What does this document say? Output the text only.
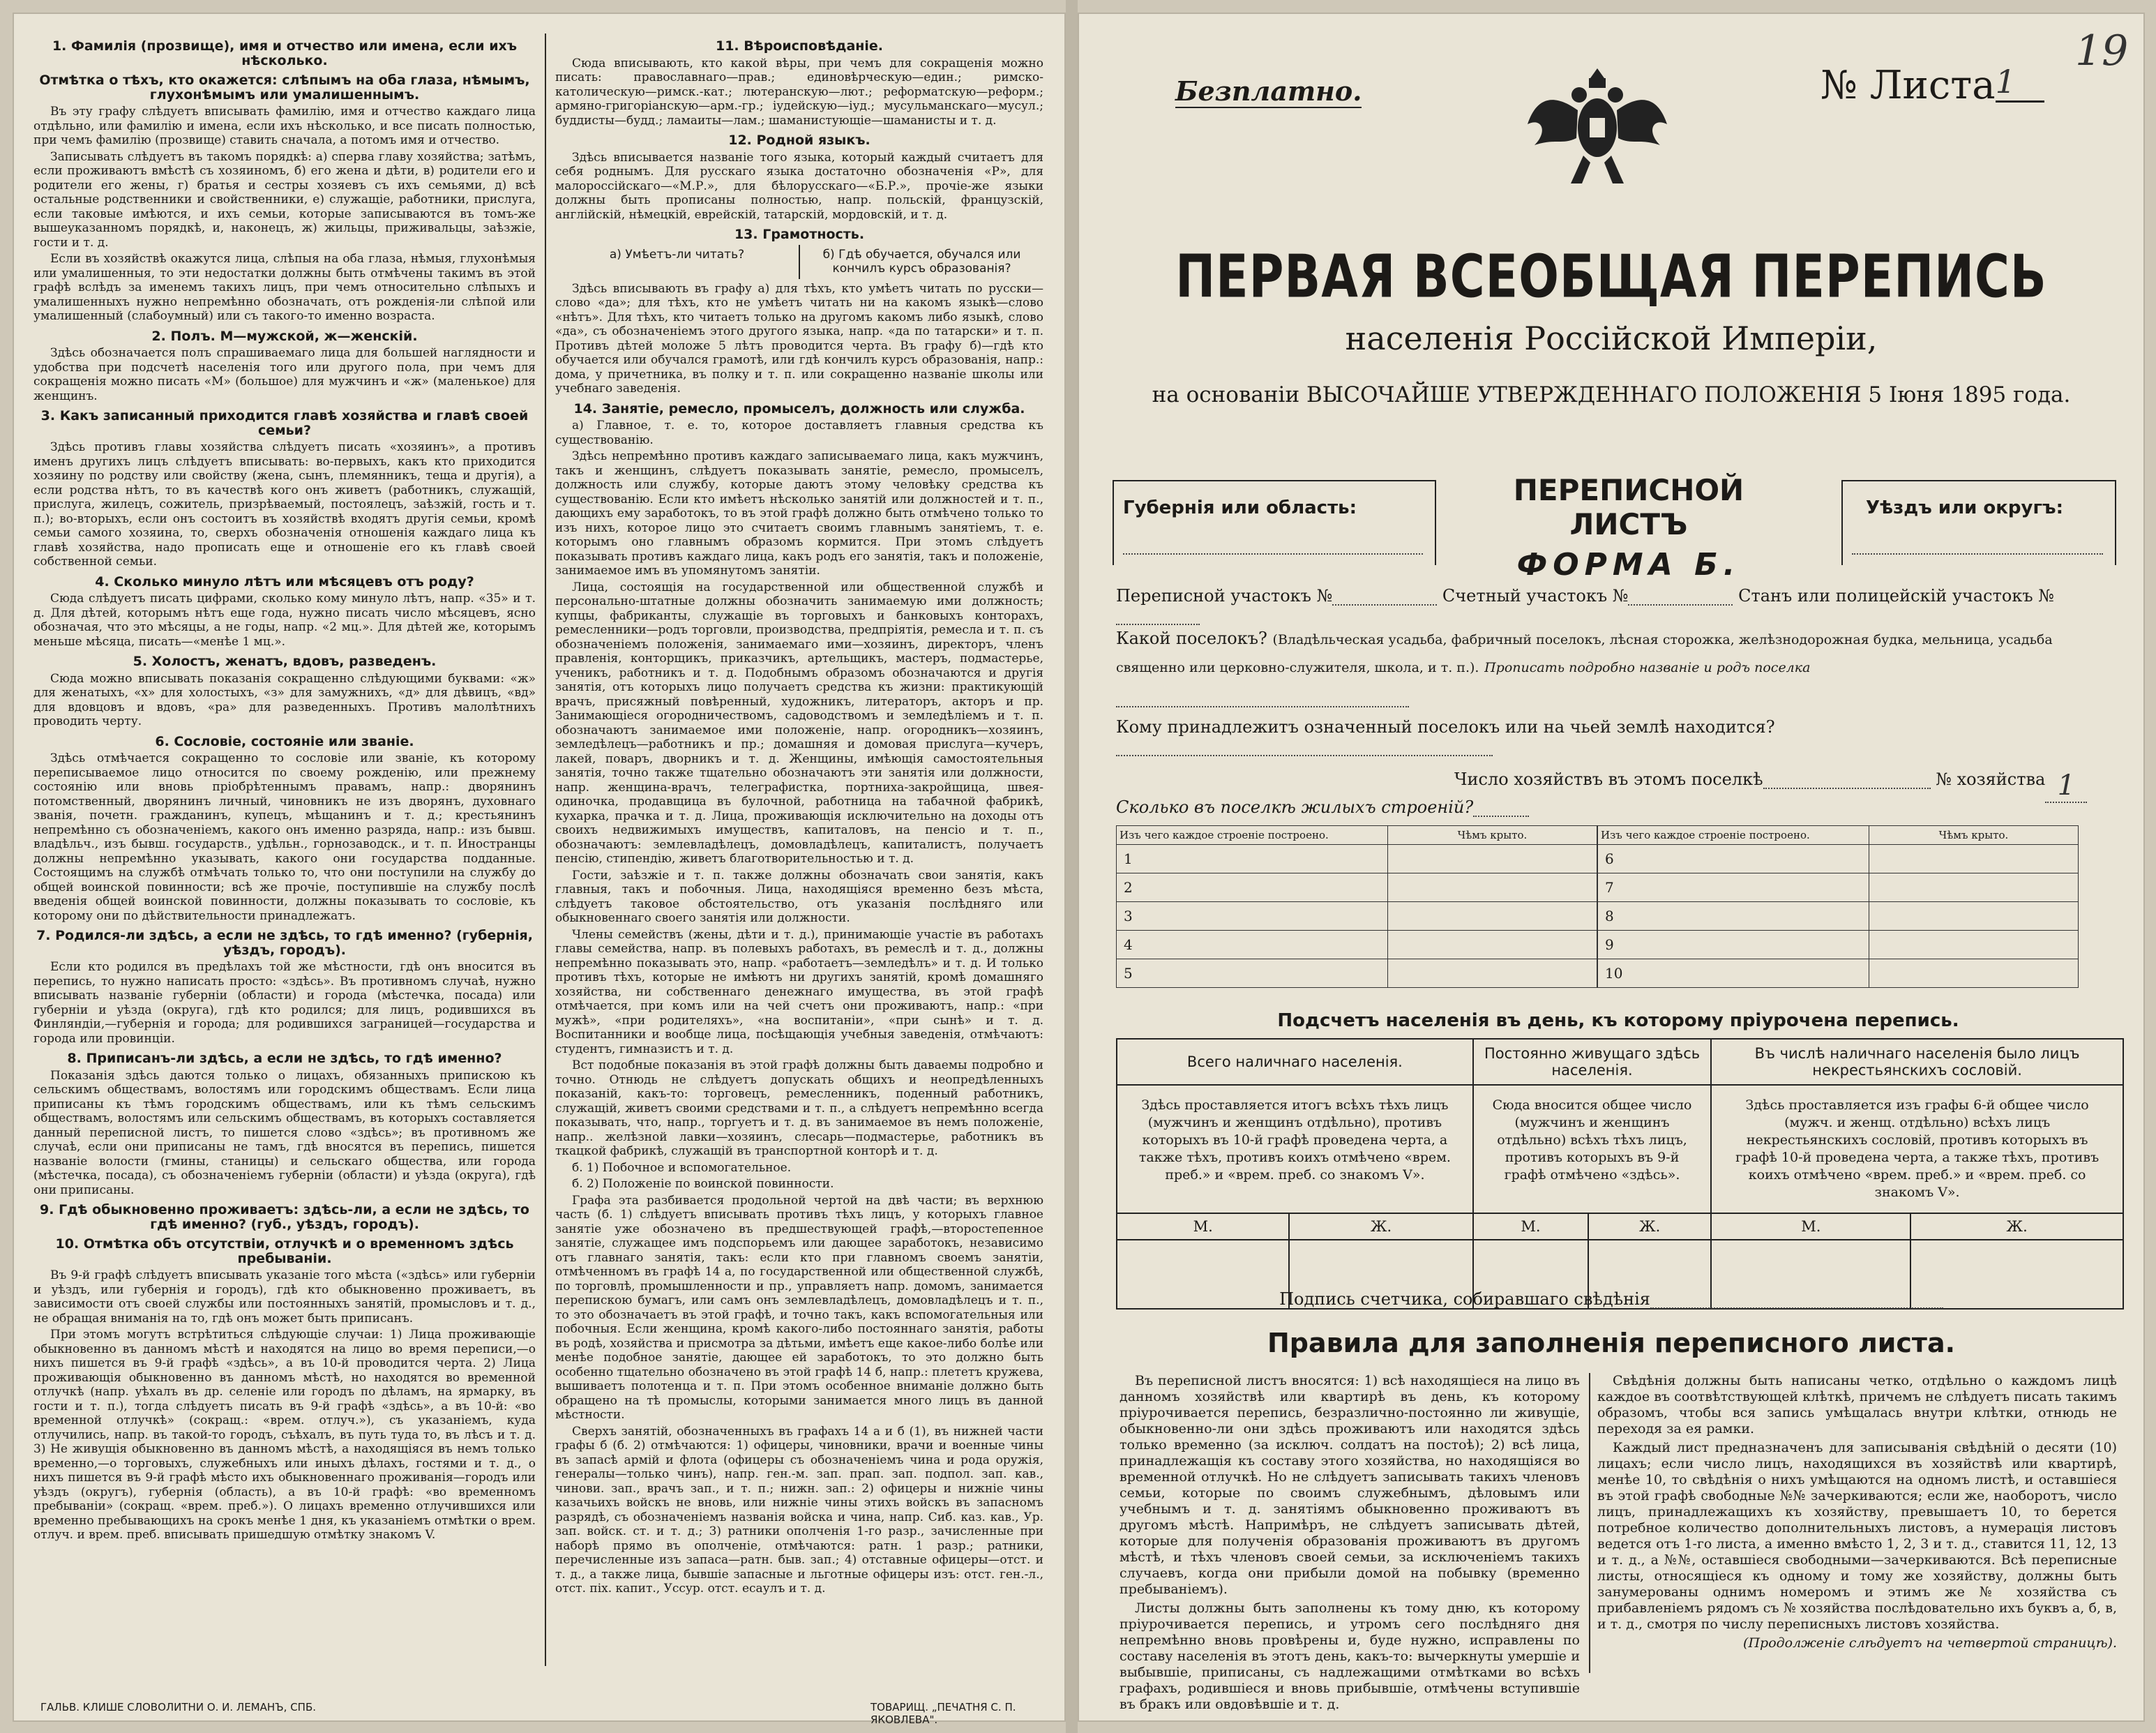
1. Фамилія (прозвище), имя и отчество или имена, если ихъ нѣсколько.
Отмѣтка о тѣхъ, кто окажется: слѣпымъ на оба глаза, нѣмымъ, глухонѣмымъ или умалишеннымъ.

Въ эту графу слѣдуетъ вписывать фамилію, имя и отчество каждаго лица отдѣльно, или фамилію и имена, если ихъ нѣсколько, и все писать полностью, при чемъ фамилію (прозвище) ставить сначала, а потомъ имя и отчество.

Записывать слѣдуетъ въ такомъ порядкѣ: а) сперва главу хозяйства; затѣмъ, если проживаютъ вмѣстѣ съ хозяиномъ, б) его жена и дѣти, в) родители его и родители его жены, г) братья и сестры хозяевъ съ ихъ семьями, д) всѣ остальные родственники и свойственники, е) служащіе, работники, прислуга, если таковые имѣются, и ихъ семьи, которые записываются въ томъ-же вышеуказанномъ порядкѣ, и, наконецъ, ж) жильцы, приживальцы, заѣзжіе, гости и т. д.

Если въ хозяйствѣ окажутся лица, слѣпыя на оба глаза, нѣмыя, глухонѣмыя или умалишенныя, то эти недостатки должны быть отмѣчены такимъ въ этой графѣ вслѣдъ за именемъ такихъ лицъ, при чемъ относительно слѣпыхъ и умалишенныхъ нужно непремѣнно обозначать, отъ рожденія-ли слѣпой или умалишенный (слабоумный) или съ такого-то именно возраста.

2. Полъ. М—мужской, ж—женскій.

Здѣсь обозначается полъ спрашиваемаго лица для большей наглядности и удобства при подсчетѣ населенія того или другого пола, при чемъ для сокращенія можно писать «М» (большое) для мужчинъ и «ж» (маленькое) для женщинъ.

3. Какъ записанный приходится главѣ хозяйства и главѣ своей семьи?

Здѣсь противъ главы хозяйства слѣдуетъ писать «хозяинъ», а противъ именъ другихъ лицъ слѣдуетъ вписывать: во-первыхъ, какъ кто приходится хозяину по родству или свойству (жена, сынъ, племянникъ, теща и другія), а если родства нѣтъ, то въ качествѣ кого онъ живетъ (работникъ, служащій, прислуга, жилецъ, сожитель, призрѣваемый, постоялецъ, заѣзжій, гость и т. п.); во-вторыхъ, если онъ состоитъ въ хозяйствѣ входятъ другія семьи, кромѣ семьи самого хозяина, то, сверхъ обозначенія отношенія каждаго лица къ главѣ хозяйства, надо прописать еще и отношеніе его къ главѣ своей собственной семьи.

4. Сколько минуло лѣтъ или мѣсяцевъ отъ роду?

Сюда слѣдуетъ писать цифрами, сколько кому минуло лѣтъ, напр. «35» и т. д. Для дѣтей, которымъ нѣтъ еще года, нужно писать число мѣсяцевъ, ясно обозначая, что это мѣсяцы, а не годы, напр. «2 мц.». Для дѣтей же, которымъ меньше мѣсяца, писать—«менѣе 1 мц.».

5. Холостъ, женатъ, вдовъ, разведенъ.

Сюда можно вписывать показанія сокращенно слѣдующими буквами: «ж» для женатыхъ, «х» для холостыхъ, «з» для замужнихъ, «д» для дѣвицъ, «вд» для вдовцовъ и вдовъ, «ра» для разведенныхъ. Противъ малолѣтнихъ проводить черту.

6. Сословіе, состояніе или званіе.

Здѣсь отмѣчается сокращенно то сословіе или званіе, къ которому переписываемое лицо относится по своему рожденію, или прежнему состоянію или вновь пріобрѣтеннымъ правамъ, напр.: дворянинъ потомственный, дворянинъ личный, чиновникъ не изъ дворянъ, духовнаго званія, почетн. гражданинъ, купецъ, мѣщанинъ и т. д.; крестьянинъ непремѣнно съ обозначеніемъ, какого онъ именно разряда, напр.: изъ бывш. владѣльч., изъ бывш. государств., удѣльн., горнозаводск., и т. п. Иностранцы должны непремѣнно указывать, какого они государства подданные. Состоящимъ на службѣ отмѣчать только то, что они поступили на службу до общей воинской повинности; всѣ же прочіе, поступившіе на службу послѣ введенія общей воинской повинности, должны показывать то сословіе, къ которому они по дѣйствительности принадлежатъ.

7. Родился-ли здѣсь, а если не здѣсь, то гдѣ именно? (губернія, уѣздъ, городъ).

Если кто родился въ предѣлахъ той же мѣстности, гдѣ онъ вносится въ перепись, то нужно написать просто: «здѣсь». Въ противномъ случаѣ, нужно вписывать названіе губерніи (области) и города (мѣстечка, посада) или губерніи и уѣзда (округа), гдѣ кто родился; для лицъ, родившихся въ Финляндіи,—губернія и города; для родившихся заграницей—государства и города или провинціи.

8. Приписанъ-ли здѣсь, а если не здѣсь, то гдѣ именно?

Показанія здѣсь даются только о лицахъ, обязанныхъ припискою къ сельскимъ обществамъ, волостямъ или городскимъ обществамъ. Если лица приписаны къ тѣмъ городскимъ обществамъ, или къ тѣмъ сельскимъ обществамъ, волостямъ или сельскимъ обществамъ, въ которыхъ составляется данный переписной листъ, то пишется слово «здѣсь»; въ противномъ же случаѣ, если они приписаны не тамъ, гдѣ вносятся въ перепись, пишется названіе волости (гмины, станицы) и сельскаго общества, или города (мѣстечка, посада), съ обозначеніемъ губерніи (области) и уѣзда (округа), гдѣ они приписаны.

9. Гдѣ обыкновенно проживаетъ: здѣсь-ли, а если не здѣсь, то гдѣ именно? (губ., уѣздъ, городъ).
10. Отмѣтка объ отсутствіи, отлучкѣ и о временномъ здѣсь пребываніи.

Въ 9-й графѣ слѣдуетъ вписывать указаніе того мѣста («здѣсь» или губерніи и уѣздъ, или губернія и городъ), гдѣ кто обыкновенно проживаетъ, въ зависимости отъ своей службы или постоянныхъ занятій, промысловъ и т. д., не обращая вниманія на то, гдѣ онъ может быть приписанъ.

При этомъ могутъ встрѣтиться слѣдующіе случаи: 1) Лица проживающіе обыкновенно въ данномъ мѣстѣ и находятся на лицо во время переписи,—о нихъ пишется въ 9-й графѣ «здѣсь», а въ 10-й проводится черта. 2) Лица проживающія обыкновенно въ данномъ мѣстѣ, но находятся во временной отлучкѣ (напр. уѣхалъ въ др. селеніе или городъ по дѣламъ, на ярмарку, въ гости и т. п.), тогда слѣдуетъ писать въ 9-й графѣ «здѣсь», а въ 10-й: «во временной отлучкѣ» (сокращ.: «врем. отлуч.»), съ указаніемъ, куда отлучились, напр. въ такой-то городъ, съѣхалъ, въ путь туда то, въ лѣсъ и т. д. 3) Не живущія обыкновенно въ данномъ мѣстѣ, а находящіяся въ немъ только временно,—о торговыхъ, служебныхъ или иныхъ дѣлахъ, гостями и т. д., о нихъ пишется въ 9-й графѣ мѣсто ихъ обыкновеннаго проживанія—городъ или уѣздъ (округъ), губернія (область), а въ 10-й графѣ: «во временномъ пребываніи» (сокращ. «врем. преб.»). О лицахъ временно отлучившихся или временно пребывающихъ на срокъ менѣе 1 дня, къ указаніемъ отмѣтки о врем. отлуч. и врем. преб. вписывать пришедшую отмѣтку знакомъ V.

11. Вѣроисповѣданіе.

Сюда вписывають, кто какой вѣры, при чемъ для сокращенія можно писать: православнаго—прав.; единовѣрческую—един.; римско-католическую—римск.-кат.; лютеранскую—лют.; реформатскую—реформ.; армяно-григоріанскую—арм.-гр.; іудейскую—іуд.; мусульманскаго—мусул.; буддисты—будд.; ламаиты—лам.; шаманистующіе—шаманисты и т. д.

12. Родной языкъ.

Здѣсь вписывается названіе того языка, который каждый считаетъ для себя роднымъ. Для русскаго языка достаточно обозначенія «Р», для малороссійскаго—«М.Р.», для бѣлорусскаго—«Б.Р.», прочіе-же языки должны быть прописаны полностью, напр. польскій, французскій, англійскій, нѣмецкій, еврейскій, татарскій, мордовскій, и т. д.

13. Грамотность.
а) Умѣетъ-ли читать?	б) Гдѣ обучается, обучался или кончилъ курсъ образованія?

Здѣсь вписывають въ графу а) для тѣхъ, кто умѣетъ читать по русски—слово «да»; для тѣхъ, кто не умѣетъ читать ни на какомъ языкѣ—слово «нѣтъ». Для тѣхъ, кто читаетъ только на другомъ какомъ либо языкѣ, слово «да», съ обозначеніемъ этого другого языка, напр. «да по татарски» и т. п. Противъ дѣтей моложе 5 лѣтъ проводится черта. Въ графу б)—гдѣ кто обучается или обучался грамотѣ, или гдѣ кончилъ курсъ образованія, напр.: дома, у причетника, въ полку и т. п. или сокращенно названіе школы или учебнаго заведенія.

14. Занятіе, ремесло, промыселъ, должность или служба.

а) Главное, т. е. то, которое доставляетъ главныя средства къ существованію.

Здѣсь непремѣнно противъ каждаго записываемаго лица, какъ мужчинъ, такъ и женщинъ, слѣдуетъ показывать занятіе, ремесло, промыселъ, должность или службу, которые даютъ этому человѣку средства къ существованію. Если кто имѣетъ нѣсколько занятій или должностей и т. п., дающихъ ему заработокъ, то въ этой графѣ должно быть отмѣчено только то изъ нихъ, которое лицо это считаетъ своимъ главнымъ занятіемъ, т. е. которымъ оно главнымъ образомъ кормится. При этомъ слѣдуетъ показывать противъ каждаго лица, какъ родъ его занятія, такъ и положеніе, занимаемое имъ въ упомянутомъ занятіи.

Лица, состоящія на государственной или общественной службѣ и персонально-штатные должны обозначить занимаемую ими должность; купцы, фабриканты, служащіе въ торговыхъ и банковыхъ конторахъ, ремесленники—родъ торговли, производства, предпріятія, ремесла и т. п. съ обозначеніемъ положенія, занимаемаго ими—хозяинъ, директоръ, членъ правленія, конторщикъ, приказчикъ, артельщикъ, мастеръ, подмастерье, ученикъ, работникъ и т. д. Подобнымъ образомъ обозначаются и другія занятія, отъ которыхъ лицо получаетъ средства къ жизни: практикующій врачъ, присяжный повѣренный, художникъ, литераторъ, акторъ и пр. Занимающіеся огородничествомъ, садоводствомъ и земледѣліемъ и т. п. обозначаютъ занимаемое ими положеніе, напр. огородникъ—хозяинъ, земледѣлецъ—работникъ и пр.; домашняя и домовая прислуга—кучеръ, лакей, поваръ, дворникъ и т. д. Женщины, имѣющія самостоятельныя занятія, точно также тщательно обозначаютъ эти занятія или должности, напр. женщина-врачъ, телеграфистка, портниха-закройщица, швея-одиночка, продавщица въ булочной, работница на табачной фабрикѣ, кухарка, прачка и т. д. Лица, проживающія исключительно на доходы отъ своихъ недвижимыхъ имуществъ, капиталовъ, на пенсіо и т. п., обозначаютъ: землевладѣлецъ, домовладѣлецъ, капиталистъ, получаетъ пенсію, стипендію, живетъ благотворительностью и т. д.

Гости, заѣзжіе и т. п. также должны обозначать свои занятія, какъ главныя, такъ и побочныя. Лица, находящіяся временно безъ мѣста, слѣдуетъ таковое обстоятельство, отъ указанія послѣдняго или обыкновеннаго своего занятія или должности.

Члены семействъ (жены, дѣти и т. д.), принимающіе участіе въ работахъ главы семейства, напр. въ полевыхъ работахъ, въ ремеслѣ и т. д., должны непремѣнно показывать это, напр. «работаетъ—земледѣлъ» и т. д. И только противъ тѣхъ, которые не имѣютъ ни другихъ занятій, кромѣ домашняго хозяйства, ни собственнаго денежнаго имущества, въ этой графѣ отмѣчается, при комъ или на чей счетъ они проживаютъ, напр.: «при мужѣ», «при родителяхъ», «на воспитаніи», «при сынѣ» и т. д. Воспитанники и вообще лица, посѣщающія учебныя заведенія, отмѣчаютъ: студентъ, гимназистъ и т. д.

Вст подобные показанія въ этой графѣ должны быть даваемы подробно и точно. Отнюдь не слѣдуетъ допускать общихъ и неопредѣленныхъ показаній, какъ-то: торговецъ, ремесленникъ, поденный работникъ, служащій, живетъ своими средствами и т. п., а слѣдуетъ непремѣнно всегда показывать, что, напр., торгуетъ и т. д. въ занимаемое въ немъ положеніе, напр.. желѣзной лавки—хозяинъ, слесарь—подмастерье, работникъ въ ткацкой фабрикѣ, служащій въ транспортной конторѣ и т. д.

б. 1) Побочное и вспомогательное.

б. 2) Положеніе по воинской повинности.

Графа эта разбивается продольной чертой на двѣ части; въ верхнюю часть (б. 1) слѣдуетъ вписывать противъ тѣхъ лицъ, у которыхъ главное занятіе уже обозначено въ предшествующей графѣ,—второстепенное занятіе, служащее имъ подспорьемъ или дающее заработокъ, независимо отъ главнаго занятія, такъ: если кто при главномъ своемъ занятіи, отмѣченномъ въ графѣ 14 а, по государственной или общественной службѣ, по торговлѣ, промышленности и пр., управляетъ напр. домомъ, занимается перепискою бумагъ, или самъ онъ землевладѣлецъ, домовладѣлецъ и т. п., то это обозначаетъ въ этой графѣ, и точно такъ, какъ вспомогательныя или побочныя. Если женщина, кромѣ какого-либо постояннаго занятія, работы въ родѣ, хозяйства и присмотра за дѣтьми, имѣетъ еще какое-либо болѣе или менѣе подобное занятіе, дающее ей заработокъ, то это должно быть особенно тщательно обозначено въ этой графѣ 14 б, напр.: плететъ кружева, вышиваетъ полотенца и т. п. При этомъ особенное вниманіе должно быть обращено на тѣ промыслы, которыми занимается много лицъ въ данной мѣстности.

Сверхъ занятій, обозначенныхъ въ графахъ 14 а и б (1), въ нижней части графы б (б. 2) отмѣчаются: 1) офицеры, чиновники, врачи и военные чины въ запасѣ армій и флота (офицеры съ обозначеніемъ чина и рода оружія, генералы—только чинъ), напр. ген.-м. зап. прап. зап. подпол. зап. кав., чинови. зап., врачъ зап., и т. п.; нижн. зап.: 2) офицеры и нижніе чины казачьихъ войскъ не вновь, или нижніе чины этихъ войскъ въ запасномъ разрядѣ, съ обозначеніемъ названія войска и чина, напр. Сиб. каз. кав., Ур. зап. войск. ст. и т. д.; 3) ратники ополченія 1-го разр., зачисленные при наборѣ прямо въ ополченіе, отмѣчаются: ратн. 1 разр.; ратники, перечисленные изъ запаса—ратн. быв. зап.; 4) отставные офицеры—отст. и т. д., а также лица, бывшіе запасные и льготные офицеры изъ: отст. ген.-л., отст. піх. капит., Уссур. отст. есаулъ и т. д.

ГАЛЬВ. КЛИШЕ СЛОВОЛИТНИ О. И. ЛЕМАНЪ, СПБ.	ТОВАРИЩ. „ПЕЧАТНЯ С. П. ЯКОВЛЕВА".
Безплатно.	№ Листа 1
19
ПЕРВАЯ ВСЕОБЩАЯ ПЕРЕПИСЬ
населенія Россійской Имперіи,
на основаніи ВЫСОЧАЙШЕ УТВЕРЖДЕННАГО ПОЛОЖЕНІЯ 5 Іюня 1895 года.
Губернія или область:	Уѣздъ или округъ:
ПЕРЕПИСНОЙ ЛИСТЪ
ФОРМА Б.
Переписной участокъ №	Счетный участокъ №	Станъ или полицейскій участокъ №
Какой поселокъ? (Владѣльческая усадьба, фабричный поселокъ, лѣсная сторожка, желѣзнодорожная будка, мельница, усадьба священно или церковно-служителя, школа, и т. п.). Прописать подробно названіе и родъ поселка
Кому принадлежитъ означенный поселокъ или на чьей землѣ находится?
Число хозяйствъ въ этомъ поселкѣ	№ хозяйства 1
Сколько въ поселкѣ жилыхъ строеній?
Изъ чего каждое строеніе построено.	Чѣмъ крыто.
1	
2	
3	
4	
5	
Изъ чего каждое строеніе построено.	Чѣмъ крыто.
6	
7	
8	
9	
10	
Подсчетъ населенія въ день, къ которому пріурочена перепись.
Всего наличнаго населенія.		Постоянно живущаго здѣсь населенія.		Въ числѣ наличнаго населенія было лицъ некрестьянскихъ сословій.	
Здѣсь проставляется итогъ всѣхъ тѣхъ лицъ (мужчинъ и женщинъ отдѣльно), противъ которыхъ въ 10-й графѣ проведена черта, а также тѣхъ, противъ коихъ отмѣчено «врем. преб.» и «врем. преб. со знакомъ V».		Сюда вносится общее число (мужчинъ и женщинъ отдѣльно) всѣхъ тѣхъ лицъ, противъ которыхъ въ 9-й графѣ отмѣчено «здѣсь».		Здѣсь проставляется изъ графы 6-й общее число (мужч. и женщ. отдѣльно) всѣхъ лицъ некрестьянскихъ сословій, противъ которыхъ въ графѣ 10-й проведена черта, а также тѣхъ, противъ коихъ отмѣчено «врем. преб.» и «врем. преб. со знакомъ V».	
М.	Ж.	М.	Ж.	М.	Ж.

Подпись счетчика, собиравшаго свѣдѣнія
Правила для заполненія переписного листа.

Въ переписной листъ вносятся: 1) всѣ находящіеся на лицо въ данномъ хозяйствѣ или квартирѣ въ день, къ которому пріурочивается перепись, безразлично-постоянно ли живущіе, обыкновенно-ли они здѣсь проживаютъ или находятся здѣсь только временно (за исключ. солдатъ на постоѣ); 2) всѣ лица, принадлежащія къ составу этого хозяйства, но находящіяся во временной отлучкѣ. Но не слѣдуетъ записывать такихъ членовъ семьи, которые по своимъ служебнымъ, дѣловымъ или учебнымъ и т. д. занятіямъ обыкновенно проживаютъ въ другомъ мѣстѣ. Напримѣръ, не слѣдуетъ записывать дѣтей, которые для полученія образованія проживаютъ въ другомъ мѣстѣ, и тѣхъ членовъ своей семьи, за исключеніемъ такихъ случаевъ, когда они прибыли домой на побывку (временно пребываніемъ).

Листы должны быть заполнены къ тому дню, къ которому пріурочивается перепись, и утромъ сего послѣдняго дня непремѣнно вновь провѣрены и, буде нужно, исправлены по составу населенія въ этотъ день, какъ-то: вычеркнуты умершіе и выбывшіе, приписаны, съ надлежащими отмѣтками во всѣхъ графахъ, родившіеся и вновь прибывшіе, отмѣчены вступившіе въ бракъ или овдовѣвшіе и т. д.

Свѣдѣнія должны быть написаны четко, отдѣльно о каждомъ лицѣ каждое въ соотвѣтствующей клѣткѣ, причемъ не слѣдуетъ писать такимъ образомъ, чтобы вся запись умѣщалась внутри клѣтки, отнюдь не переходя за ея рамки.

Каждый лист предназначенъ для записыванія свѣдѣній о десяти (10) лицахъ; если число лицъ, находящихся въ хозяйствѣ или квартирѣ, менѣе 10, то свѣдѣнія о нихъ умѣщаются на одномъ листѣ, и оставшіеся въ этой графѣ свободные №№ зачеркиваются; если же, наоборотъ, число лицъ, принадлежащихъ къ хозяйству, превышаетъ 10, то берется потребное количество дополнительныхъ листовъ, а нумерація листовъ ведется отъ 1-го листа, а именно вмѣсто 1, 2, 3 и т. д., ставится 11, 12, 13 и т. д., а №№, оставшіеся свободными—зачеркиваются. Всѣ переписные листы, относящіеся къ одному и тому же хозяйству, должны быть занумерованы однимъ номеромъ и этимъ же № хозяйства съ прибавленіемъ рядомъ съ № хозяйства послѣдовательно ихъ буквъ а, б, в, и т. д., смотря по числу переписныхъ листовъ хозяйства.

(Продолженіе слѣдуетъ на четвертой страницѣ).
